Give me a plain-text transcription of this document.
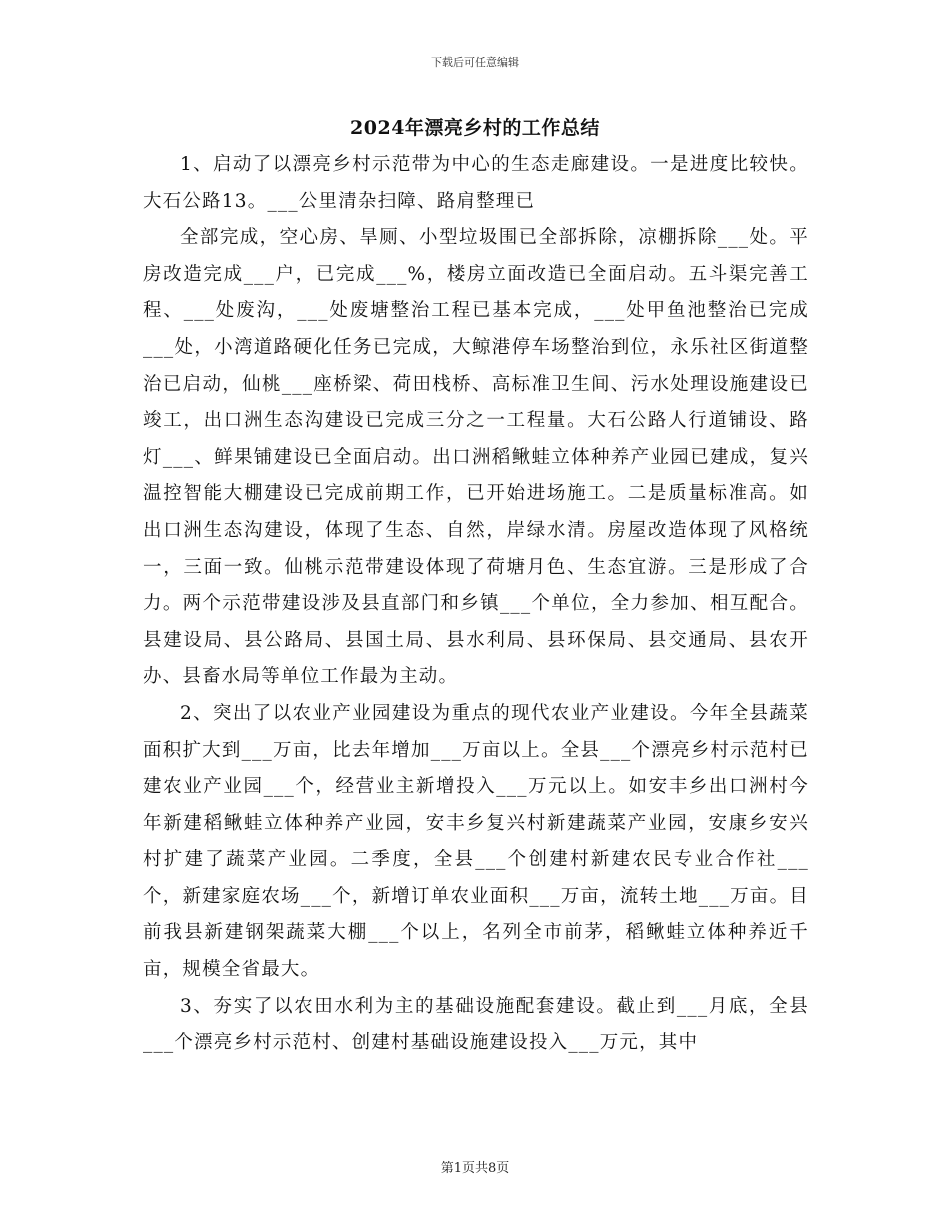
下载后可任意编辑
2024年漂亮乡村的工作总结

1、启动了以漂亮乡村示范带为中心的生态走廊建设。一是进度比较快。大石公路13。___公里清杂扫障、路肩整理已

全部完成，空心房、旱厕、小型垃圾围已全部拆除，凉棚拆除___处。平房改造完成___户，已完成___%，楼房立面改造已全面启动。五斗渠完善工程、___处废沟，___处废塘整治工程已基本完成，___处甲鱼池整治已完成___处，小湾道路硬化任务已完成，大鲸港停车场整治到位，永乐社区街道整治已启动，仙桃___座桥梁、荷田栈桥、高标准卫生间、污水处理设施建设已竣工，出口洲生态沟建设已完成三分之一工程量。大石公路人行道铺设、路灯___、鲜果铺建设已全面启动。出口洲稻鳅蛙立体种养产业园已建成，复兴温控智能大棚建设已完成前期工作，已开始进场施工。二是质量标准高。如出口洲生态沟建设，体现了生态、自然，岸绿水清。房屋改造体现了风格统一，三面一致。仙桃示范带建设体现了荷塘月色、生态宜游。三是形成了合力。两个示范带建设涉及县直部门和乡镇___个单位，全力参加、相互配合。县建设局、县公路局、县国土局、县水利局、县环保局、县交通局、县农开办、县畜水局等单位工作最为主动。

2、突出了以农业产业园建设为重点的现代农业产业建设。今年全县蔬菜面积扩大到___万亩，比去年增加___万亩以上。全县___个漂亮乡村示范村已建农业产业园___个，经营业主新增投入___万元以上。如安丰乡出口洲村今年新建稻鳅蛙立体种养产业园，安丰乡复兴村新建蔬菜产业园，安康乡安兴村扩建了蔬菜产业园。二季度，全县___个创建村新建农民专业合作社___个，新建家庭农场___个，新增订单农业面积___万亩，流转土地___万亩。目前我县新建钢架蔬菜大棚___个以上，名列全市前茅，稻鳅蛙立体种养近千亩，规模全省最大。

3、夯实了以农田水利为主的基础设施配套建设。截止到___月底，全县___个漂亮乡村示范村、创建村基础设施建设投入___万元，其中

第1页共8页
